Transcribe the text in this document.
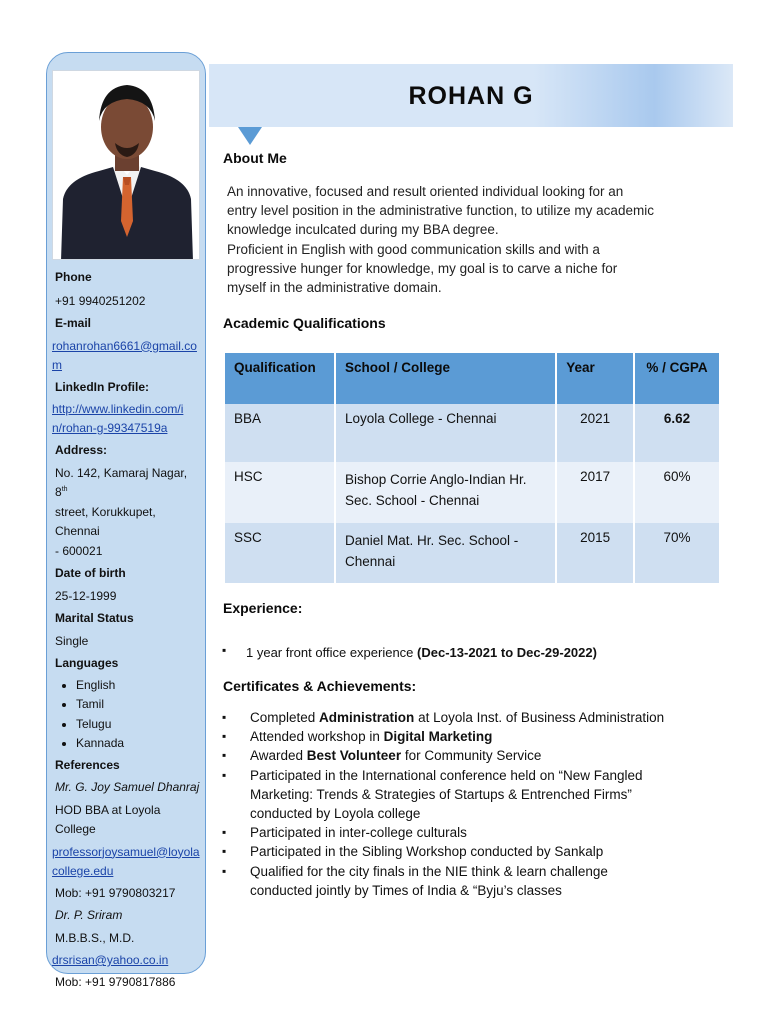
Phone
+91 9940251202
E-mail
rohanrohan6661@gmail.co
m
LinkedIn Profile:
http://www.linkedin.com/i
n/rohan-g-99347519a
Address:
No. 142, Kamaraj Nagar, 8th
street, Korukkupet, Chennai
- 600021
Date of birth
25-12-1999
Marital Status
Single
Languages
• English
• Tamil
• Telugu
• Kannada
References
Mr. G. Joy Samuel Dhanraj
HOD BBA at Loyola College
professorjoysamuel@loyola
college.edu
Mob: +91 9790803217
Dr. P. Sriram
M.B.B.S., M.D.
drsrisan@yahoo.co.in
Mob: +91 9790817886
ROHAN G
About Me
An innovative, focused and result oriented individual looking for an entry level position in the administrative function, to utilize my academic knowledge inculcated during my BBA degree.
Proficient in English with good communication skills and with a progressive hunger for knowledge, my goal is to carve a niche for myself in the administrative domain.
Academic Qualifications
Qualification	School / College	Year	% / CGPA
BBA	Loyola College - Chennai	2021	6.62
HSC	Bishop Corrie Anglo-Indian Hr. Sec. School - Chennai	2017	60%
SSC	Daniel Mat. Hr. Sec. School - Chennai	2015	70%
Experience:
▪ 1 year front office experience (Dec-13-2021 to Dec-29-2022)
Certificates & Achievements:
▪ Completed Administration at Loyola Inst. of Business Administration
▪ Attended workshop in Digital Marketing
▪ Awarded Best Volunteer for Community Service
▪ Participated in the International conference held on “New Fangled Marketing: Trends & Strategies of Startups & Entrenched Firms” conducted by Loyola college
▪ Participated in inter-college culturals
▪ Participated in the Sibling Workshop conducted by Sankalp
▪ Qualified for the city finals in the NIE think & learn challenge conducted jointly by Times of India & “Byju’s classes
